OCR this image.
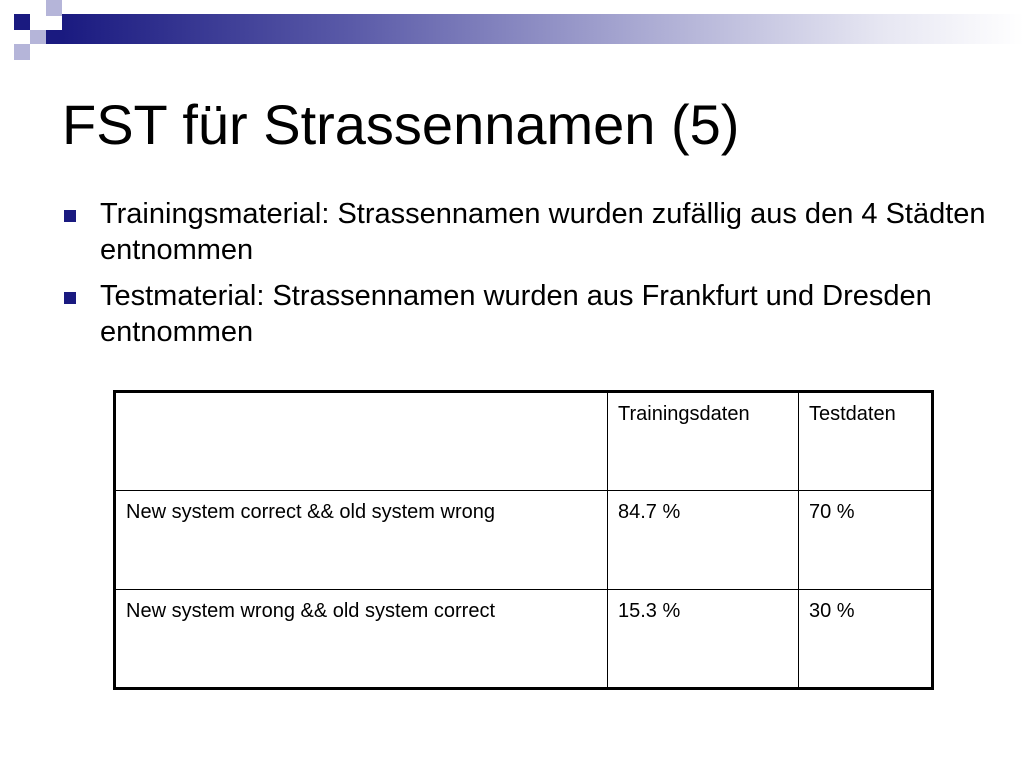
FST für Strassennamen (5)
Trainingsmaterial: Strassennamen wurden zufällig aus den 4 Städten entnommen
Testmaterial: Strassennamen wurden aus Frankfurt und Dresden entnommen
	Trainingsdaten	Testdaten
New system correct && old system wrong	84.7 %	70 %
New system wrong && old system correct	15.3 %	30 %
